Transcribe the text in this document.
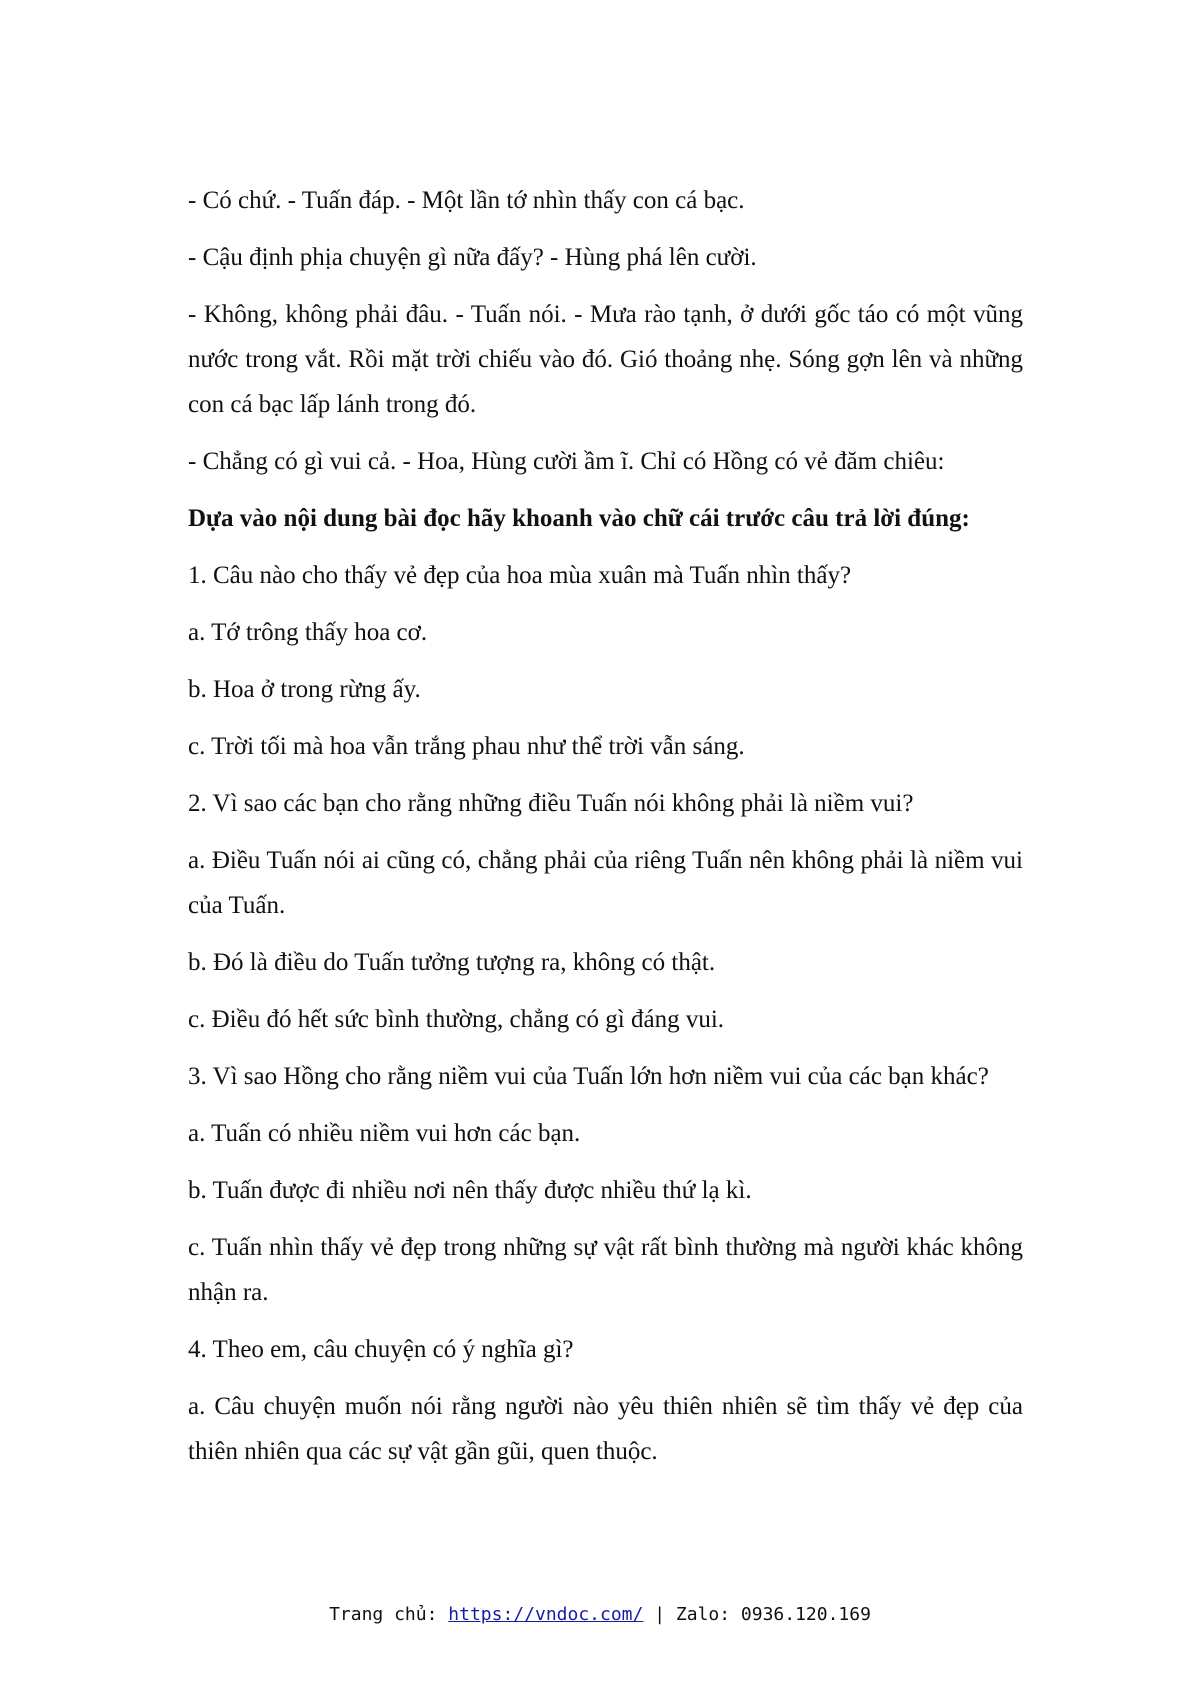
- Có chứ. - Tuấn đáp. - Một lần tớ nhìn thấy con cá bạc.

- Cậu định phịa chuyện gì nữa đấy? - Hùng phá lên cười.

- Không, không phải đâu. - Tuấn nói. - Mưa rào tạnh, ở dưới gốc táo có một vũng nước trong vắt. Rồi mặt trời chiếu vào đó. Gió thoảng nhẹ. Sóng gợn lên và những con cá bạc lấp lánh trong đó.

- Chẳng có gì vui cả. - Hoa, Hùng cười ầm ĩ. Chỉ có Hồng có vẻ đăm chiêu:

Dựa vào nội dung bài đọc hãy khoanh vào chữ cái trước câu trả lời đúng:

1. Câu nào cho thấy vẻ đẹp của hoa mùa xuân mà Tuấn nhìn thấy?

a. Tớ trông thấy hoa cơ.

b. Hoa ở trong rừng ấy.

c. Trời tối mà hoa vẫn trắng phau như thể trời vẫn sáng.

2. Vì sao các bạn cho rằng những điều Tuấn nói không phải là niềm vui?

a. Điều Tuấn nói ai cũng có, chẳng phải của riêng Tuấn nên không phải là niềm vui của Tuấn.

b. Đó là điều do Tuấn tưởng tượng ra, không có thật.

c. Điều đó hết sức bình thường, chẳng có gì đáng vui.

3. Vì sao Hồng cho rằng niềm vui của Tuấn lớn hơn niềm vui của các bạn khác?

a. Tuấn có nhiều niềm vui hơn các bạn.

b. Tuấn được đi nhiều nơi nên thấy được nhiều thứ lạ kì.

c. Tuấn nhìn thấy vẻ đẹp trong những sự vật rất bình thường mà người khác không nhận ra.

4. Theo em, câu chuyện có ý nghĩa gì?

a. Câu chuyện muốn nói rằng người nào yêu thiên nhiên sẽ tìm thấy vẻ đẹp của thiên nhiên qua các sự vật gần gũi, quen thuộc.

Trang chủ: https://vndoc.com/ | Zalo: 0936.120.169
